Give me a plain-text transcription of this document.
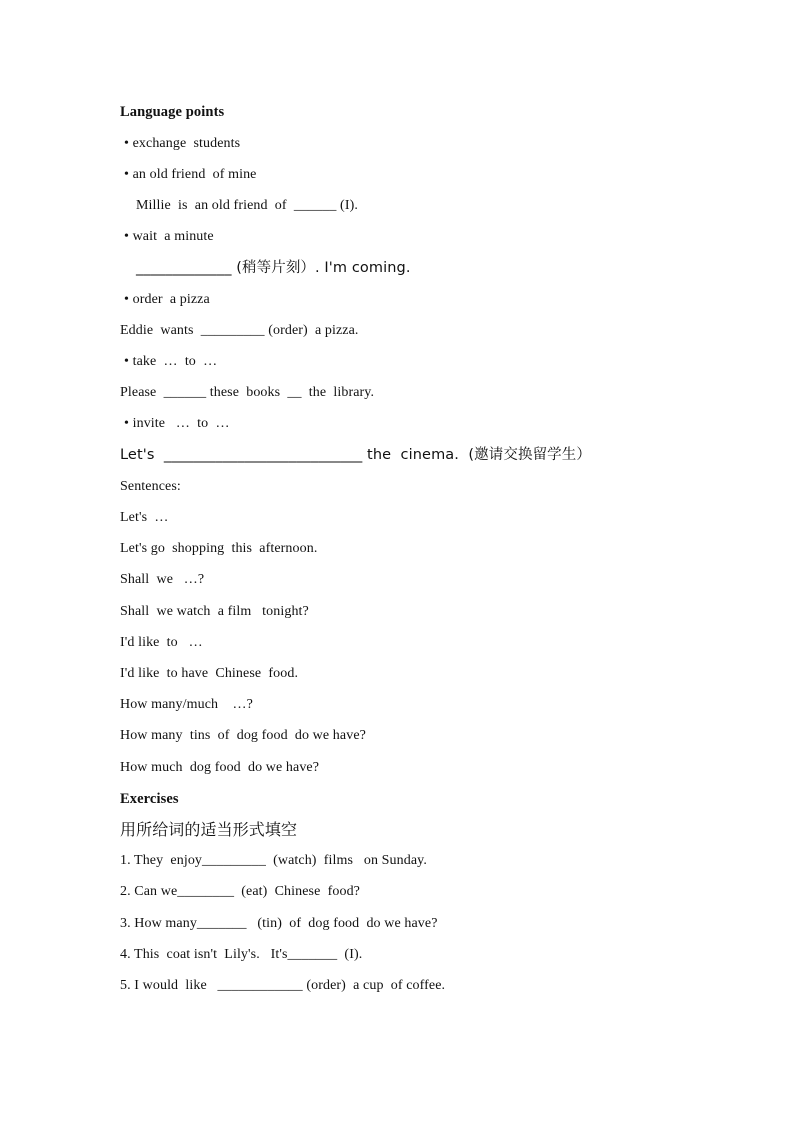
Language points
• exchange  students
• an old friend  of mine
Millie  is  an old friend  of  ______ (I).
• wait  a minute
_____________ (稍等片刻）. I'm coming.
• order  a pizza
Eddie  wants  _________ (order)  a pizza.
• take  …  to  …
Please  ______ these  books  __  the  library.
• invite   …  to  …
Let's  ___________________________ the  cinema.  (邀请交换留学生）
Sentences:
Let's  …
Let's go  shopping  this  afternoon.
Shall  we   …?
Shall  we watch  a film   tonight?
I'd like  to   …
I'd like  to have  Chinese  food.
How many/much    …?
How many  tins  of  dog food  do we have?
How much  dog food  do we have?
Exercises
用所给词的适当形式填空
1. They  enjoy_________  (watch)  films   on Sunday.
2. Can we________  (eat)  Chinese  food?
3. How many_______   (tin)  of  dog food  do we have?
4. This  coat isn't  Lily's.   It's_______  (I).
5. I would  like   ____________ (order)  a cup  of coffee.
